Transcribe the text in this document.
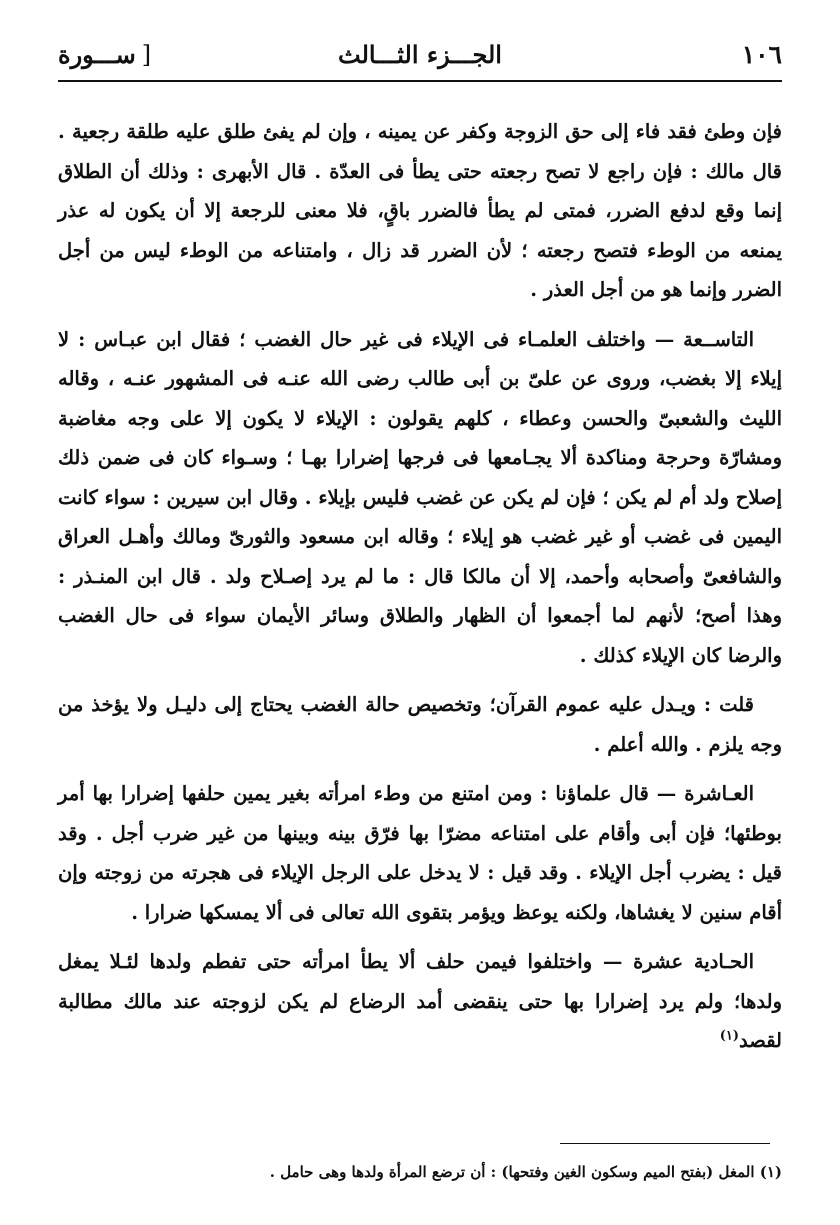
١٠٦
الجـــزء الثـــالث
[ســـورة

فإن وطئ فقد فاء إلى حق الزوجة وكفر عن يمينه ، وإن لم يفئ طلق عليه طلقة رجعية . قال مالك : فإن راجع لا تصح رجعته حتى يطأ فى العدّة . قال الأبهرى : وذلك أن الطلاق إنما وقع لدفع الضرر، فمتى لم يطأ فالضرر باقٍ، فلا معنى للرجعة إلا أن يكون له عذر يمنعه من الوطء فتصح رجعته ؛ لأن الضرر قد زال ، وامتناعه من الوطء ليس من أجل الضرر وإنما هو من أجل العذر .

التاســعة — واختلف العلمـاء فى الإيلاء فى غير حال الغضب ؛ فقال ابن عبـاس : لا إيلاء إلا بغضب، وروى عن علىّ بن أبى طالب رضى الله عنـه فى المشهور عنـه ، وقاله الليث والشعبىّ والحسن وعطاء ، كلهم يقولون : الإيلاء لا يكون إلا على وجه مغاضبة ومشارّة وحرجة ومناكدة ألا يجـامعها فى فرجها إضرارا بهـا ؛ وسـواء كان فى ضمن ذلك إصلاح ولد أم لم يكن ؛ فإن لم يكن عن غضب فليس بإيلاء . وقال ابن سيرين : سواء كانت اليمين فى غضب أو غير غضب هو إيلاء ؛ وقاله ابن مسعود والثورىّ ومالك وأهـل العراق والشافعىّ وأصحابه وأحمد، إلا أن مالكا قال : ما لم يرد إصـلاح ولد . قال ابن المنـذر : وهذا أصح؛ لأنهم لما أجمعوا أن الظهار والطلاق وسائر الأيمان سواء فى حال الغضب والرضا كان الإيلاء كذلك .

قلت : ويـدل عليه عموم القرآن؛ وتخصيص حالة الغضب يحتاج إلى دليـل ولا يؤخذ من وجه يلزم . والله أعلم .

العـاشرة — قال علماؤنا : ومن امتنع من وطء امرأته بغير يمين حلفها إضرارا بها أمر بوطئها؛ فإن أبى وأقام على امتناعه مضرّا بها فرّق بينه وبينها من غير ضرب أجل . وقد قيل : يضرب أجل الإيلاء . وقد قيل : لا يدخل على الرجل الإيلاء فى هجرته من زوجته وإن أقام سنين لا يغشاها، ولكنه يوعظ ويؤمر بتقوى الله تعالى فى ألا يمسكها ضرارا .

الحـادية عشرة — واختلفوا فيمن حلف ألا يطأ امرأته حتى تفطم ولدها لئـلا يمغل ولدها؛ ولم يرد إضرارا بها حتى ينقضى أمد الرضاع لم يكن لزوجته عند مالك مطالبة لقصد$^{(١)}$

(١) المغل (بفتح الميم وسكون الغين وفتحها) : أن ترضع المرأة ولدها وهى حامل .
